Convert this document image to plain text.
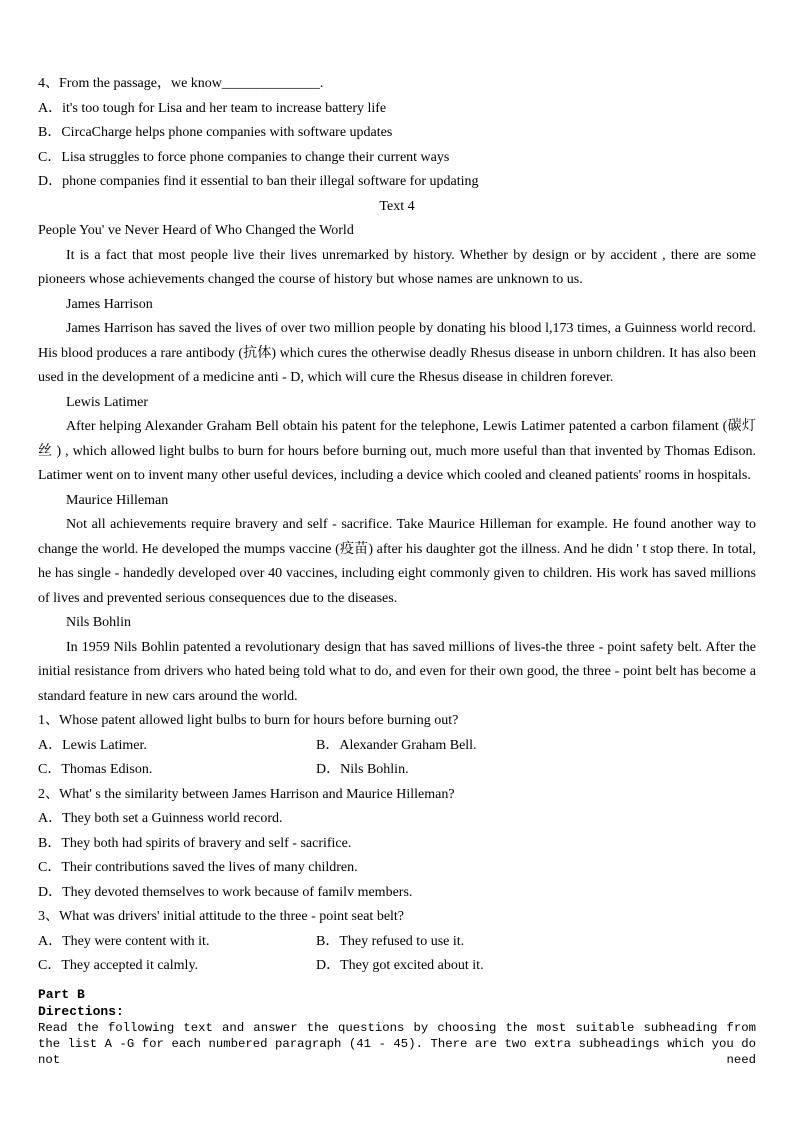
4、From the passage，we know______________.

A．it's too tough for Lisa and her team to increase battery life

B．CircaCharge helps phone companies with software updates

C．Lisa struggles to force phone companies to change their current ways

D．phone companies find it essential to ban their illegal software for updating

Text 4

People You' ve Never Heard of Who Changed the World

It is a fact that most people live their lives unremarked by history. Whether by design or by accident , there are some pioneers whose achievements changed the course of history but whose names are unknown to us.

James Harrison

James Harrison has saved the lives of over two million people by donating his blood l,173 times, a Guinness world record. His blood produces a rare antibody (抗体) which cures the otherwise deadly Rhesus disease in unborn children. It has also been used in the development of a medicine anti - D, which will cure the Rhesus disease in children forever.

Lewis Latimer

After helping Alexander Graham Bell obtain his patent for the telephone, Lewis Latimer patented a carbon filament (碳灯丝 ) , which allowed light bulbs to burn for hours before burning out, much more useful than that invented by Thomas Edison. Latimer went on to invent many other useful devices, including a device which cooled and cleaned patients' rooms in hospitals.

Maurice Hilleman

Not all achievements require bravery and self - sacrifice. Take Maurice Hilleman for example. He found another way to change the world. He developed the mumps vaccine (疫苗) after his daughter got the illness. And he didn ' t stop there. In total, he has single - handedly developed over 40 vaccines, including eight commonly given to children. His work has saved millions of lives and prevented serious consequences due to the diseases.

Nils Bohlin

In 1959 Nils Bohlin patented a revolutionary design that has saved millions of lives-the three - point safety belt. After the initial resistance from drivers who hated being told what to do, and even for their own good, the three - point belt has become a standard feature in new cars around the world.

1、Whose patent allowed light bulbs to burn for hours before burning out?

A．Lewis Latimer.	B．Alexander Graham Bell.
C．Thomas Edison.	D．Nils Bohlin.

2、What' s the similarity between James Harrison and Maurice Hilleman?

A．They both set a Guinness world record.

B．They both had spirits of bravery and self - sacrifice.

C．Their contributions saved the lives of many children.

D．They devoted themselves to work because of familv members.

3、What was drivers' initial attitude to the three - point seat belt?

A．They were content with it.	B．They refused to use it.
C．They accepted it calmly.	D．They got excited about it.

Part B

Directions:

Read the following text and answer the questions by choosing the most suitable subheading from the list A -G for each numbered paragraph (41 - 45). There are two extra subheadings which you do not need
